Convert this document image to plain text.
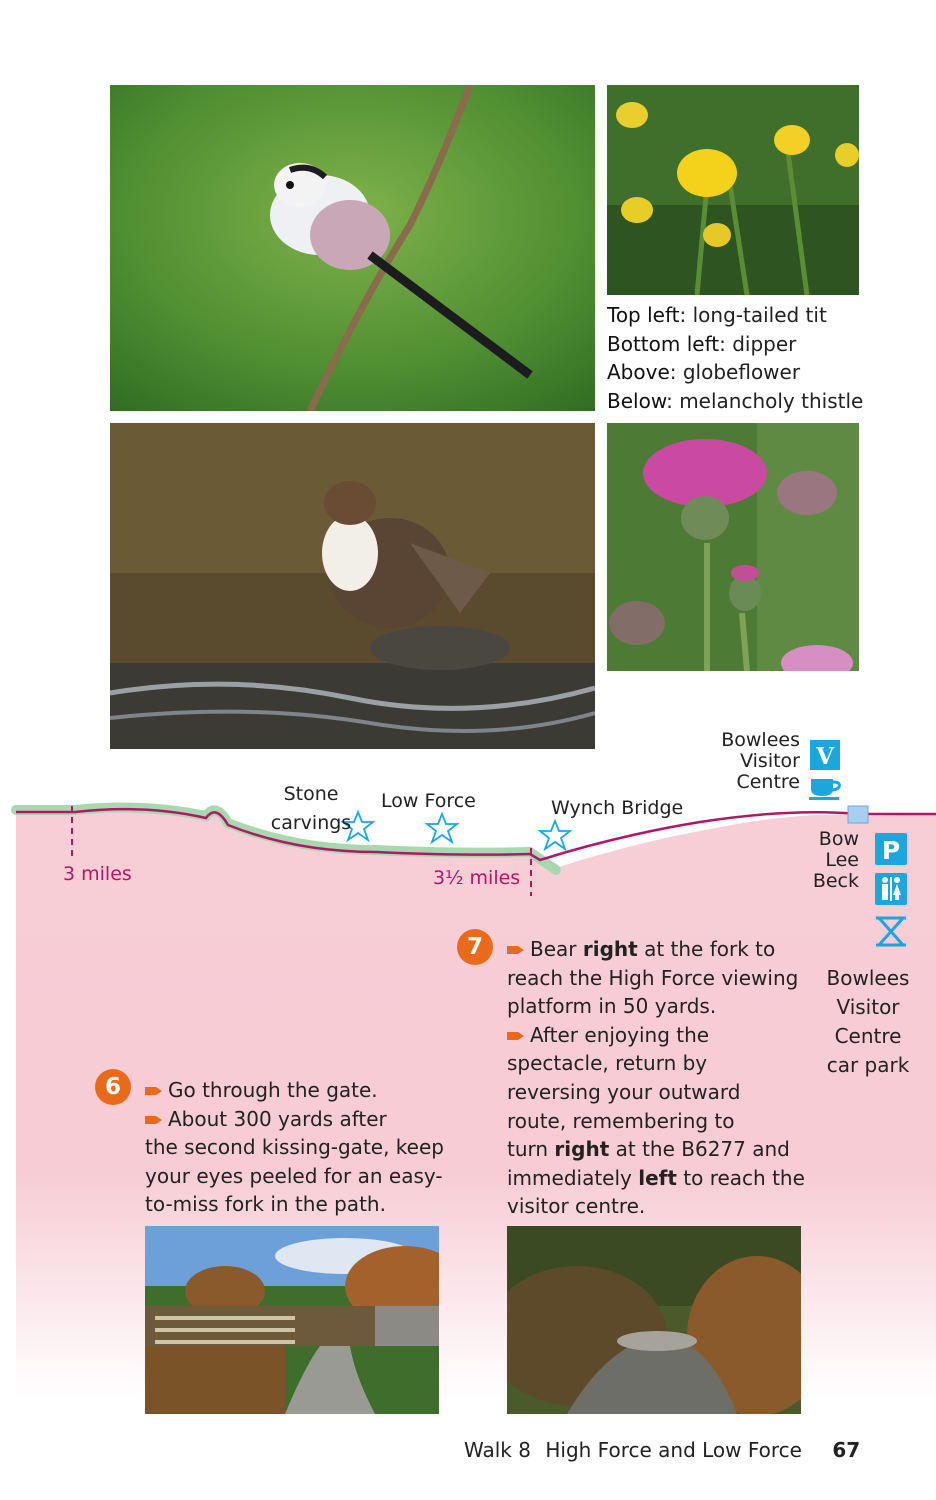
Top left: long-tailed tit
Bottom left: dipper
Above: globeflower
Below: melancholy thistle
Stone
carvings
Low Force	Wynch Bridge
Bowlees
Visitor
Centre
Bow
Lee
Beck
3 miles	3½ miles
V
P
Bowlees
Visitor
Centre
car park
7	Bear right at the fork to

reach the High Force viewing

platform in 50 yards.

After enjoying the

spectacle, return by

reversing your outward

route, remembering to

turn right at the B6277 and

immediately left to reach the

visitor centre.

6	Go through the gate.

About 300 yards after

the second kissing-gate, keep

your eyes peeled for an easy-

to-miss fork in the path.

Walk 8 High Force and Low Force 67
